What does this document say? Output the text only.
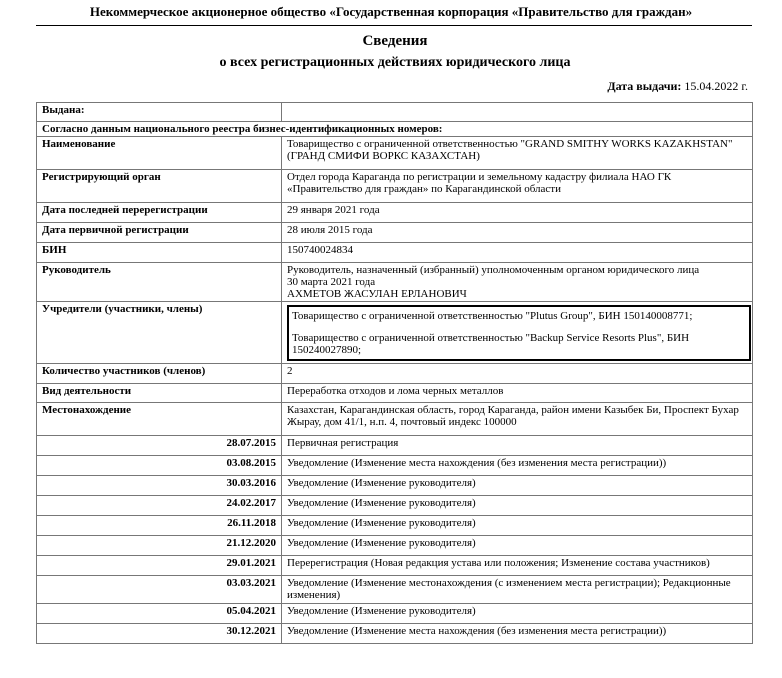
Некоммерческое акционерное общество «Государственная корпорация «Правительство для граждан»
Сведения
о всех регистрационных действиях юридического лица
Дата выдачи: 15.04.2022 г.
Выдана:	
Согласно данным национального реестра бизнес-идентификационных номеров:	
Наименование	Товарищество с ограниченной ответственностью "GRAND SMITHY WORKS KAZAKHSTAN" (ГРАНД СМИФИ ВОРКС КАЗАХСТАН)
Регистрирующий орган	Отдел города Караганда по регистрации и земельному кадастру филиала НАО ГК «Правительство для граждан» по Карагандинской области
Дата последней перерегистрации	29 января 2021 года
Дата первичной регистрации	28 июля 2015 года
БИН	150740024834
Руководитель	Руководитель, назначенный (избранный) уполномоченным органом юридического лица
30 марта 2021 года
АХМЕТОВ ЖАСУЛАН ЕРЛАНОВИЧ

Учредители (участники, члены)	Товарищество с ограниченной ответственностью "Plutus Group", БИН 150140008771;
Товарищество с ограниченной ответственностью "Backup Service Resorts Plus", БИН 150240027890;

Количество участников (членов)	2
Вид деятельности	Переработка отходов и лома черных металлов
Местонахождение	Казахстан, Карагандинская область, город Караганда, район имени Казыбек Би, Проспект Бухар Жырау, дом 41/1, н.п. 4, почтовый индекс 100000
28.07.2015	Первичная регистрация
03.08.2015	Уведомление (Изменение места нахождения (без изменения места регистрации))
30.03.2016	Уведомление (Изменение руководителя)
24.02.2017	Уведомление (Изменение руководителя)
26.11.2018	Уведомление (Изменение руководителя)
21.12.2020	Уведомление (Изменение руководителя)
29.01.2021	Перерегистрация (Новая редакция устава или положения; Изменение состава участников)
03.03.2021	Уведомление (Изменение местонахождения (с изменением места регистрации); Редакционные изменения)
05.04.2021	Уведомление (Изменение руководителя)
30.12.2021	Уведомление (Изменение места нахождения (без изменения места регистрации))
